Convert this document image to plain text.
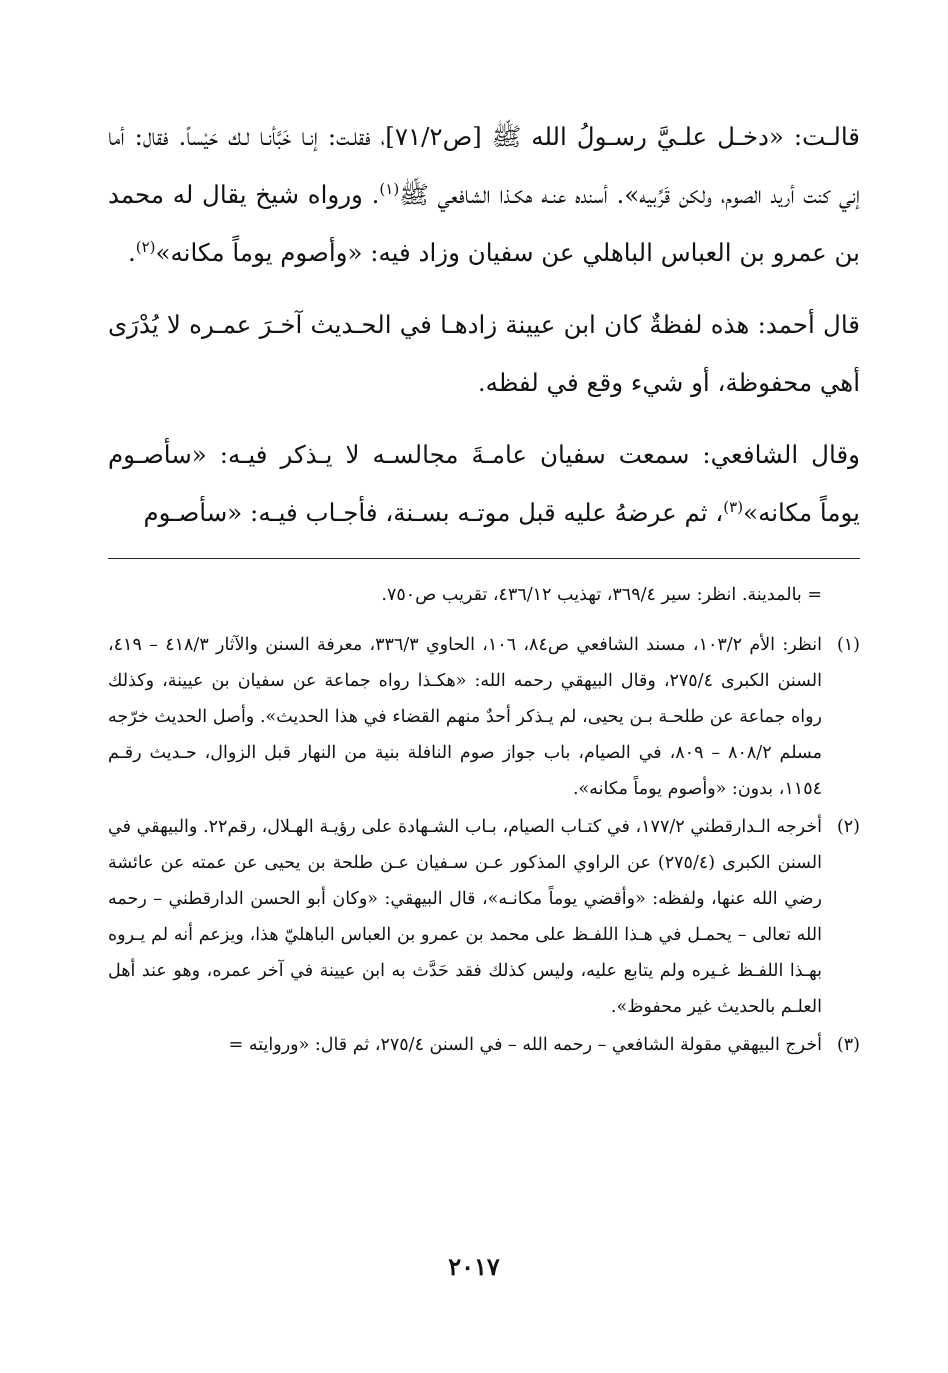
قالـت: «دخـل علـيَّ رسـولُ الله ﷺ [ص٧١/٢]، فقلـت: إنـا خَبَّأنـا لـك حَيْساً. فقال: أما إني كنت أريد الصوم، ولكن قَرِّبيه». أسنده عنـه هكـذا الشافعي ﷺ$^{(١)}$. ورواه شيخ يقال له محمد بن عمرو بن العباس الباهلي عن سفيان وزاد فيه: «وأصوم يوماً مكانه»$^{(٢)}$.

قال أحمد: هذه لفظةٌ كان ابن عيينة زادهـا في الحـديث آخـرَ عمـره لا يُدْرَى أهي محفوظة، أو شيء وقع في لفظه.

وقال الشافعي: سمعت سفيان عامـةَ مجالسـه لا يـذكر فيـه: «سأصـوم يوماً مكانه»$^{(٣)}$، ثم عرضهُ عليه قبل موتـه بسـنة، فأجـاب فيـه: «سأصـوم

= بالمدينة. انظر: سير ٣٦٩/٤، تهذيب ٤٣٦/١٢، تقريب ص٧٥٠.
(١)
انظر: الأم ١٠٣/٢، مسند الشافعي ص٨٤، ١٠٦، الحاوي ٣٣٦/٣، معرفة السنن والآثار ٤١٨/٣ – ٤١٩، السنن الكبرى ٢٧٥/٤، وقال البيهقي رحمه الله: «هكـذا رواه جماعة عن سفيان بن عيينة، وكذلك رواه جماعة عن طلحـة بـن يحيى، لم يـذكر أحدٌ منهم القضاء في هذا الحديث». وأصل الحديث خرّجه مسلم ٨٠٨/٢ – ٨٠٩، في الصيام، باب جواز صوم النافلة بنية من النهار قبل الزوال، حـديث رقـم ١١٥٤، بدون: «وأصوم يوماً مكانه».
(٢)
أخرجه الـدارقطني ١٧٧/٢، في كتـاب الصيام، بـاب الشـهادة على رؤيـة الهـلال، رقم٢٢. والبيهقي في السنن الكبرى (٢٧٥/٤) عن الراوي المذكور عـن سـفيان عـن طلحة بن يحيى عن عمته عن عائشة رضي الله عنها، ولفظه: «وأقضي يوماً مكانـه»، قال البيهقي: «وكان أبو الحسن الدارقطني – رحمه الله تعالى – يحمـل في هـذا اللفـظ على محمد بن عمرو بن العباس الباهليّ هذا، ويزعم أنه لم يـروه بهـذا اللفـظ غـيره ولم يتابع عليه، وليس كذلك فقد حَدَّث به ابن عيينة في آخر عمره، وهو عند أهل العلـم بالحديث غير محفوظ».
(٣)
أخرج البيهقي مقولة الشافعي – رحمه الله – في السنن ٢٧٥/٤، ثم قال: «وروايته =
٢٠١٧
